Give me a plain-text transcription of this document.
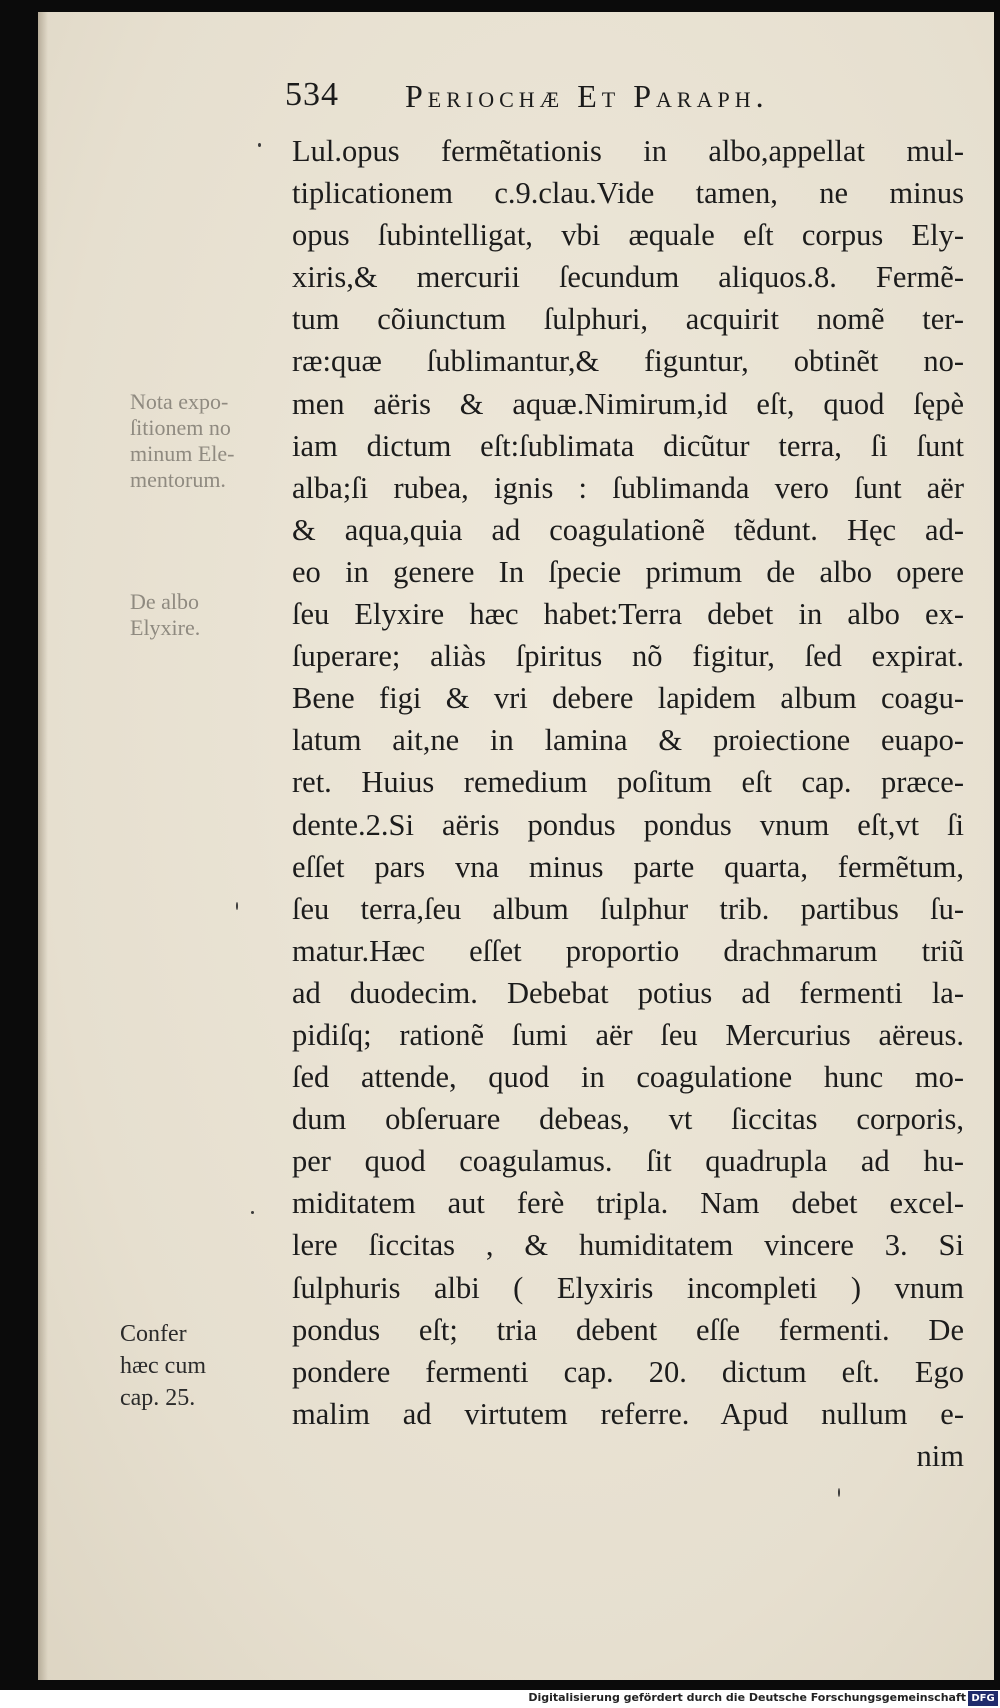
534 Periochæ Et Paraph.
Lul.opus fermẽtationis in albo,appellat mul-
tiplicationem c.9.clau.Vide tamen, ne minus
opus ſubintelligat, vbi æquale eſt corpus Ely-
xiris,& mercurii ſecundum aliquos.8. Fermẽ-
tum cõiunctum ſulphuri, acquirit nomẽ ter-
ræ:quæ ſublimantur,& figuntur, obtinẽt no-
men aëris & aquæ.Nimirum,id eſt, quod ſępè
iam dictum eſt:ſublimata dicũtur terra, ſi ſunt
alba;ſi rubea, ignis : ſublimanda vero ſunt aër
& aqua,quia ad coagulationẽ tẽdunt. Hęc ad-
eo in genere In ſpecie primum de albo opere
ſeu Elyxire hæc habet:Terra debet in albo ex-
ſuperare; aliàs ſpiritus nõ figitur, ſed expirat.
Bene figi & vri debere lapidem album coagu-
latum ait,ne in lamina & proiectione euapo-
ret. Huius remedium poſitum eſt cap. præce-
dente.2.Si aëris pondus pondus vnum eſt,vt ſi
eſſet pars vna minus parte quarta, fermẽtum,
ſeu terra,ſeu album ſulphur trib. partibus ſu-
matur.Hæc eſſet proportio drachmarum triũ
ad duodecim. Debebat potius ad fermenti la-
pidiſq; rationẽ ſumi aër ſeu Mercurius aëreus.
ſed attende, quod in coagulatione hunc mo-
dum obſeruare debeas, vt ſiccitas corporis,
per quod coagulamus. ſit quadrupla ad hu-
miditatem aut ferè tripla. Nam debet excel-
lere ſiccitas , & humiditatem vincere 3. Si
ſulphuris albi ( Elyxiris incompleti ) vnum
pondus eſt; tria debent eſſe fermenti. De
pondere fermenti cap. 20. dictum eſt. Ego
malim ad virtutem referre. Apud nullum e-
nim
Nota expo-
ſitionem no
minum Ele-
mentorum.
De albo
Elyxire.
Confer
hæc cum
cap. 25.
Digitalisierung gefördert durch die Deutsche Forschungsgemeinschaft DFG
